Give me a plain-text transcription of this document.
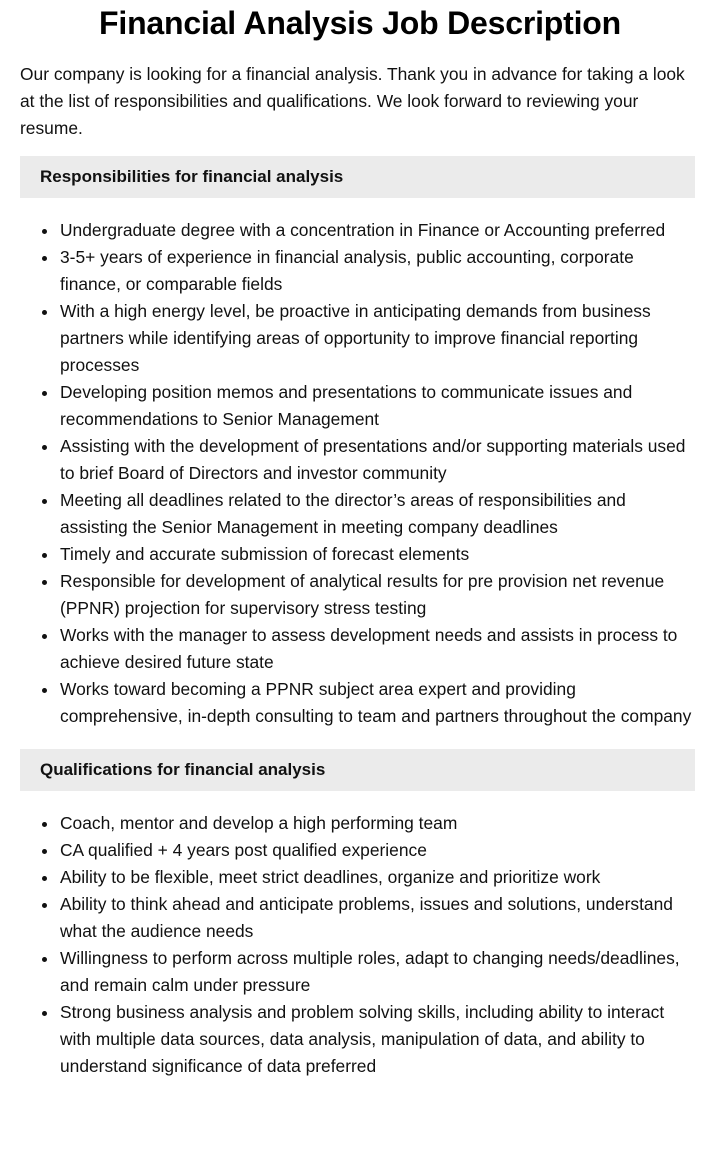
Financial Analysis Job Description

Our company is looking for a financial analysis. Thank you in advance for taking a look at the list of responsibilities and qualifications. We look forward to reviewing your resume.

Responsibilities for financial analysis
Undergraduate degree with a concentration in Finance or Accounting preferred
3-5+ years of experience in financial analysis, public accounting, corporate finance, or comparable fields
With a high energy level, be proactive in anticipating demands from business partners while identifying areas of opportunity to improve financial reporting processes
Developing position memos and presentations to communicate issues and recommendations to Senior Management
Assisting with the development of presentations and/or supporting materials used to brief Board of Directors and investor community
Meeting all deadlines related to the director’s areas of responsibilities and assisting the Senior Management in meeting company deadlines
Timely and accurate submission of forecast elements
Responsible for development of analytical results for pre provision net revenue (PPNR) projection for supervisory stress testing
Works with the manager to assess development needs and assists in process to achieve desired future state
Works toward becoming a PPNR subject area expert and providing comprehensive, in-depth consulting to team and partners throughout the company
Qualifications for financial analysis
Coach, mentor and develop a high performing team
CA qualified + 4 years post qualified experience
Ability to be flexible, meet strict deadlines, organize and prioritize work
Ability to think ahead and anticipate problems, issues and solutions, understand what the audience needs
Willingness to perform across multiple roles, adapt to changing needs/deadlines, and remain calm under pressure
Strong business analysis and problem solving skills, including ability to interact with multiple data sources, data analysis, manipulation of data, and ability to understand significance of data preferred
